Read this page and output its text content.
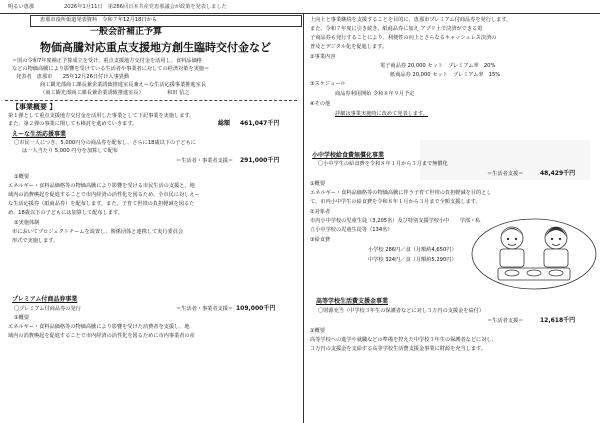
明るい恵那	2026年1月11日　第286回日本共産党恵那議会が政策を発表しました
恵那市役所報道発表資料　令和７年12月18日から
一般会計補正予算
物価高騰対応重点支援地方創生臨時交付金など
＝国の令和7年度補正予算成立を受け、重点支援地方交付金を活用し、食料品価格
などの物価高騰により影響を受けている生活者や事業者に対しての経済対策を実施＝
発表者　恵那市　　25年12月26日付け人事異動
商工観光部商工課長兼企業誘致推進室長兼えーな生活応援事業推進室長
（商工観光部商工課長兼企業誘致推進室長）　　　　　和田 信之
【事業概要 】
第１弾として重点支援地方交付金を活用した事業として下記事業を実施します。
また、第２弾の事業に関しても検討を進めていきます。	総額 461,047千円
えーな生活応援事業
〇市民一人につき、5,000円分の商品券を配布し、さらに18歳以下の子どもに
は一人当たり 5,000 円分を加算して配布
＝生活者・事業者支援＝ 291,000千円
①概要
エネルギー・食料品価格等の物価高騰により影響を受ける市民生活の支援と、地
域内の消費喚起を促進することで市内経済の活性化を図るため、全市民に対しえー
な生活応援券（紙商品券）を配布します。また、子育て世帯の負担軽減を図るた
め、18歳以下の子どもには加算して配布します。
②実施体制
市においてプロジェクトチームを設置し、関係団体と連携して実行委員会
形式で実施します。
プレミアム付商品券事業
〇プレミアム付商品券の発行	＝生活者・事業者支援＝ 109,000千円
①概要
エネルギー・食料品価格等の物価高騰により影響を受けた消費者を支援し、地
域内の消費喚起を促進することで市内経済の活性化を図るために市内事業者の産
上向上と事業継続を支援することを目的に、恵那市プレミアム付商品券を発行します。
また、令和７年度に引き続き、紙商品券に加え アプリ上で決済ができる電
子商品券も発行することにより、利便性の向上とさらなるキャッシュレス決済の
普及とデジタル化を促進します。
②事業内容
電子商品券 20,000 セット　プレミアム率　20%
紙商品券 20,000 セット　プレミアム率　15%
③スケジュール
商品券利用開始 令和８年９月予定
④その他
詳細は事業実施時に改めて発表します。
小中学校給食費無償化事業
〇小中学生の給食費を令和８年１月から３月まで無償化
＝生活者支援＝	48,429千円
①概要
エネルギー・食料品価格等の物価高騰に伴う子育て世帯の負担軽減を目的とし
て、市内小中学生の給食費を令和８年１月から３月まで全額支援します。
②対象者
市内小中学校の児童生徒（3,205名）及び特別支援学校小中　　学部・私
立小中学校の児童生徒等（134名）
③給食費
小学校 286円／食（月額約4,650円）
中学校 324円／食（月額約5,290円）
高等学校生活費支援金事業
〇財源充当（中学校３年生の保護者などに対し３万円の支援金を給付）
＝生活者支援＝	12,618千円
①概要
高等学校への進学や就職などの準備を控えた中学校３年生の保護者などに対し、
３万円の支援金を支給する高等学校生活費支援金事業に財源を充当します。
